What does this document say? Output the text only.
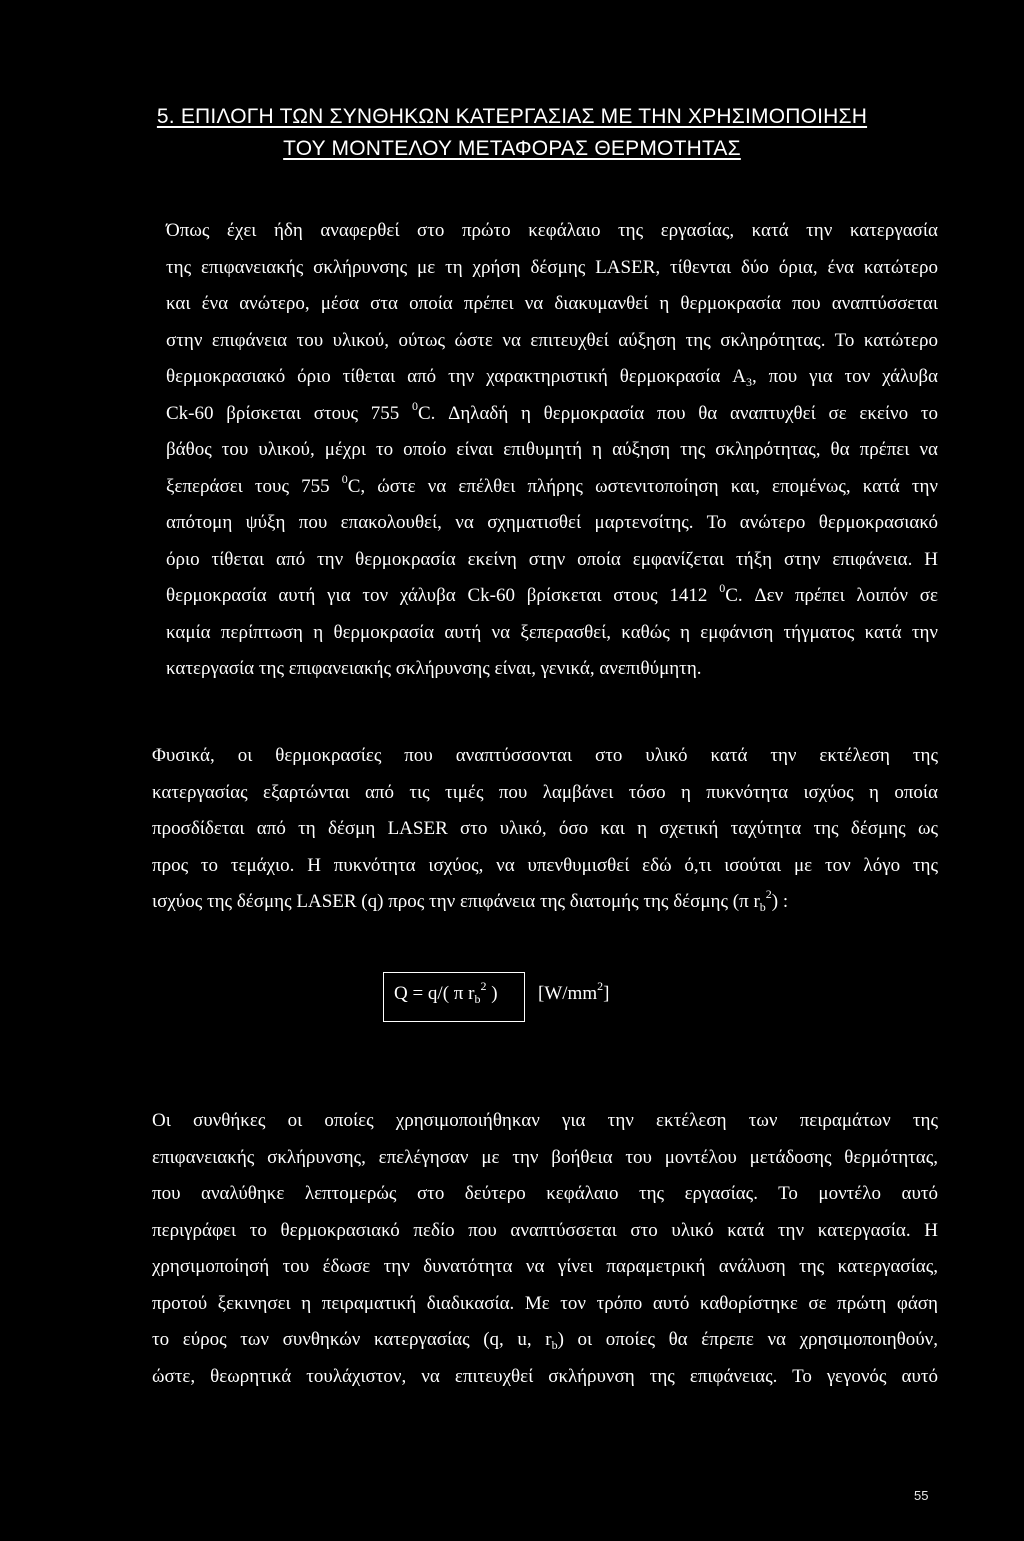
5. ΕΠΙΛΟΓΗ ΤΩΝ ΣΥΝΘΗΚΩΝ ΚΑΤΕΡΓΑΣΙΑΣ ΜΕ ΤΗΝ ΧΡΗΣΙΜΟΠΟΙΗΣΗ
ΤΟΥ ΜΟΝΤΕΛΟΥ ΜΕΤΑΦΟΡΑΣ ΘΕΡΜΟΤΗΤΑΣ

Όπως έχει ήδη αναφερθεί στο πρώτο κεφάλαιο της εργασίας, κατά την κατεργασία
της επιφανειακής σκλήρυνσης με τη χρήση δέσμης LASER, τίθενται δύο όρια, ένα κατώτερο
και ένα ανώτερο, μέσα στα οποία πρέπει να διακυμανθεί η θερμοκρασία που αναπτύσσεται
στην επιφάνεια του υλικού, ούτως ώστε να επιτευχθεί αύξηση της σκληρότητας. Το κατώτερο
θερμοκρασιακό όριο τίθεται από την χαρακτηριστική θερμοκρασία $A_3$, που για τον χάλυβα
Ck-60 βρίσκεται στους 755 $^0$C. Δηλαδή η θερμοκρασία που θα αναπτυχθεί σε εκείνο το
βάθος του υλικού, μέχρι το οποίο είναι επιθυμητή η αύξηση της σκληρότητας, θα πρέπει να
ξεπεράσει τους 755 $^0$C, ώστε να επέλθει πλήρης ωστενιτοποίηση και, επομένως, κατά την
απότομη ψύξη που επακολουθεί, να σχηματισθεί μαρτενσίτης. Το ανώτερο θερμοκρασιακό
όριο τίθεται από την θερμοκρασία εκείνη στην οποία εμφανίζεται τήξη στην επιφάνεια. Η
θερμοκρασία αυτή για τον χάλυβα Ck-60 βρίσκεται στους 1412 $^0$C. Δεν πρέπει λοιπόν σε
καμία περίπτωση η θερμοκρασία αυτή να ξεπερασθεί, καθώς η εμφάνιση τήγματος κατά την
κατεργασία της επιφανειακής σκλήρυνσης είναι, γενικά, ανεπιθύμητη.

Φυσικά, οι θερμοκρασίες που αναπτύσσονται στο υλικό κατά την εκτέλεση της
κατεργασίας εξαρτώνται από τις τιμές που λαμβάνει τόσο η πυκνότητα ισχύος η οποία
προσδίδεται από τη δέσμη LASER στο υλικό, όσο και η σχετική ταχύτητα της δέσμης ως
προς το τεμάχιο. Η πυκνότητα ισχύος, να υπενθυμισθεί εδώ ό,τι ισούται με τον λόγο της
ισχύος της δέσμης LASER (q) προς την επιφάνεια της διατομής της δέσμης (π $r_b^2$) :

Q = q/( π $r_b^2$ ) $[W/mm^2]$

Οι συνθήκες οι οποίες χρησιμοποιήθηκαν για την εκτέλεση των πειραμάτων της
επιφανειακής σκλήρυνσης, επελέγησαν με την βοήθεια του μοντέλου μετάδοσης θερμότητας,
που αναλύθηκε λεπτομερώς στο δεύτερο κεφάλαιο της εργασίας. Το μοντέλο αυτό
περιγράφει το θερμοκρασιακό πεδίο που αναπτύσσεται στο υλικό κατά την κατεργασία. Η
χρησιμοποίησή του έδωσε την δυνατότητα να γίνει παραμετρική ανάλυση της κατεργασίας,
προτού ξεκινησει η πειραματική διαδικασία. Με τον τρόπο αυτό καθορίστηκε σε πρώτη φάση
το εύρος των συνθηκών κατεργασίας (q, u, $r_b$) οι οποίες θα έπρεπε να χρησιμοποιηθούν,
ώστε, θεωρητικά τουλάχιστον, να επιτευχθεί σκλήρυνση της επιφάνειας. Το γεγονός αυτό

55
